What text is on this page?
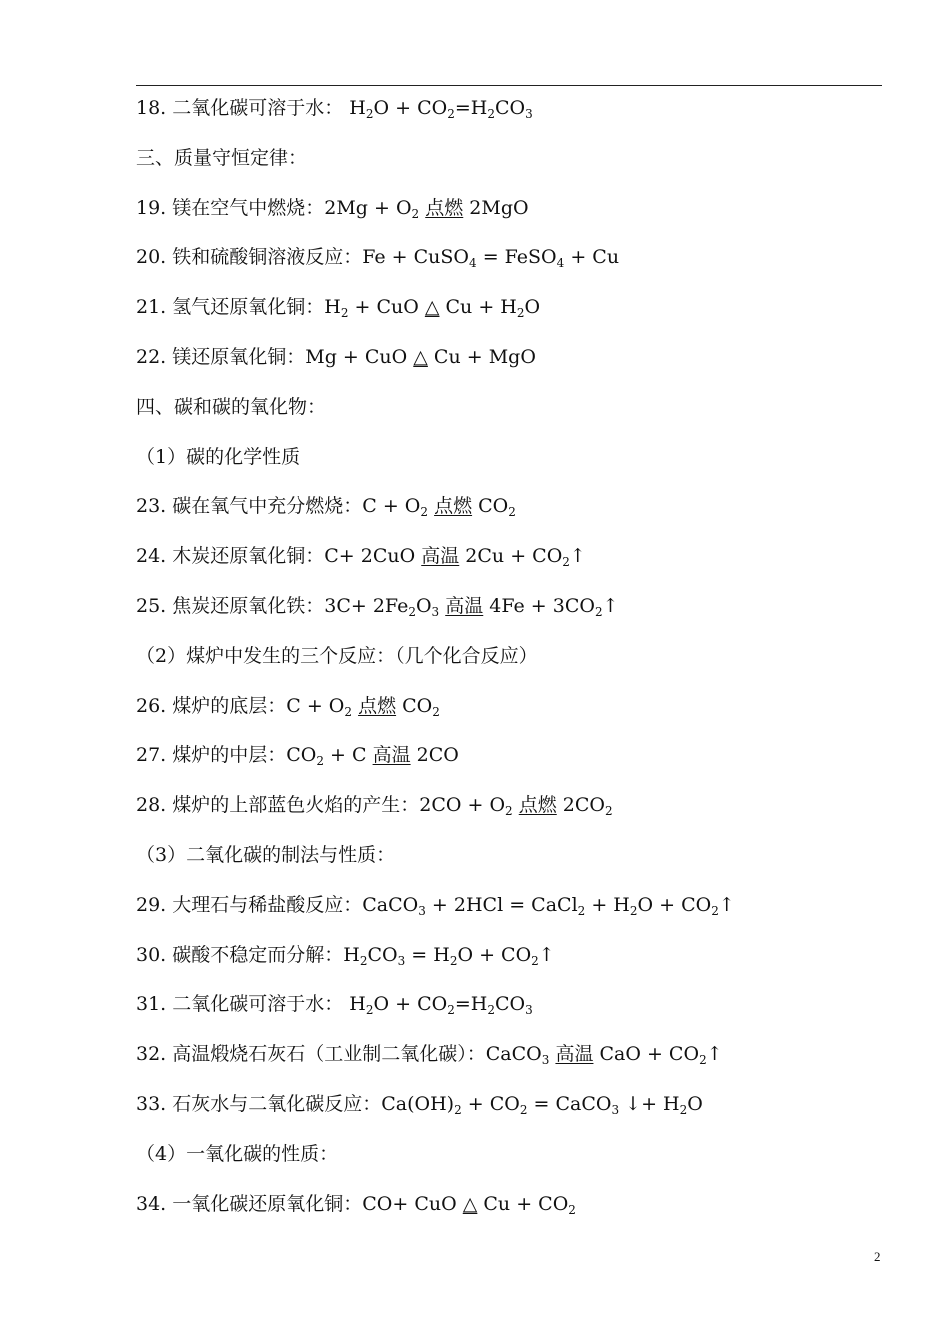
18. 二氧化碳可溶于水： $H_2O + CO_2=H_2CO_3$
三、质量守恒定律：
19. 镁在空气中燃烧：$2Mg + O_2$ 点燃 2MgO
20. 铁和硫酸铜溶液反应：Fe + CuSO$_4$ = FeSO$_4$ + Cu
21. 氢气还原氧化铜：$H_2$ + CuO △ $Cu + H_2O$
22. 镁还原氧化铜：Mg + CuO △ Cu + MgO
四、碳和碳的氧化物：
（1）碳的化学性质
23. 碳在氧气中充分燃烧：$C + O_2$ 点燃 $CO_2$
24. 木炭还原氧化铜：C+ 2CuO 高温 $2Cu + CO_2↑$
25. 焦炭还原氧化铁：$3C+ 2Fe_2O_3$ 高温 $4Fe + 3CO_2↑$
（2）煤炉中发生的三个反应：（几个化合反应）
26. 煤炉的底层：$C + O_2$ 点燃 $CO_2$
27. 煤炉的中层：$CO_2 + C$ 高温 2CO
28. 煤炉的上部蓝色火焰的产生：$2CO + O_2$ 点燃 $2CO_2$
（3）二氧化碳的制法与性质：
29. 大理石与稀盐酸反应：CaCO$_3$ + 2HCl = CaCl$_2$ + $H_2O$ + $CO_2↑$
30. 碳酸不稳定而分解：$H_2CO_3 = H_2O$ + $CO_2↑$
31. 二氧化碳可溶于水： $H_2O + CO_2=H_2CO_3$
32. 高温煅烧石灰石（工业制二氧化碳）：CaCO$_3$ 高温 CaO + $CO_2↑$
33. 石灰水与二氧化碳反应：$Ca(OH)_2 + CO_2$ = CaCO$_3$ ↓+ $H_2O$
（4）一氧化碳的性质：
34. 一氧化碳还原氧化铜：CO+ CuO △ $Cu + CO_2$
2
